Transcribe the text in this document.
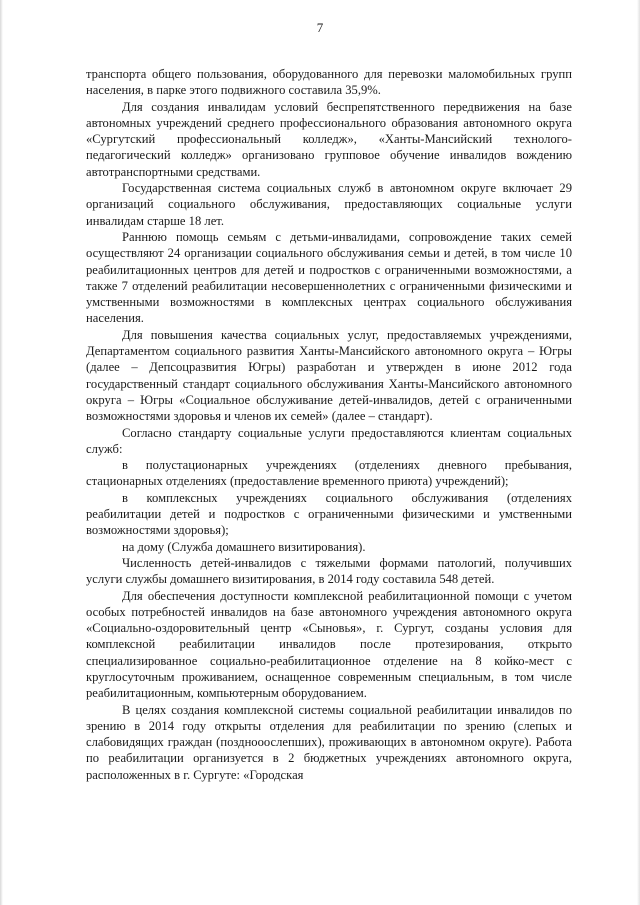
7

транспорта общего пользования, оборудованного для перевозки маломобильных групп населения, в парке этого подвижного составила 35,9%.

Для создания инвалидам условий беспрепятственного передвижения на базе автономных учреждений среднего профессионального образования автономного округа «Сургутский профессиональный колледж», «Ханты-Мансийский технолого-педагогический колледж» организовано групповое обучение инвалидов вождению автотранспортными средствами.

Государственная система социальных служб в автономном округе включает 29 организаций социального обслуживания, предоставляющих социальные услуги инвалидам старше 18 лет.

Раннюю помощь семьям с детьми-инвалидами, сопровождение таких семей осуществляют 24 организации социального обслуживания семьи и детей, в том числе 10 реабилитационных центров для детей и подростков с ограниченными возможностями, а также 7 отделений реабилитации несовершеннолетних с ограниченными физическими и умственными возможностями в комплексных центрах социального обслуживания населения.

Для повышения качества социальных услуг, предоставляемых учреждениями, Департаментом социального развития Ханты-Мансийского автономного округа – Югры (далее – Депсоцразвития Югры) разработан и утвержден в июне 2012 года государственный стандарт социального обслуживания Ханты-Мансийского автономного округа – Югры «Социальное обслуживание детей-инвалидов, детей с ограниченными возможностями здоровья и членов их семей» (далее – стандарт).

Согласно стандарту социальные услуги предоставляются клиентам социальных служб:

в полустационарных учреждениях (отделениях дневного пребывания, стационарных отделениях (предоставление временного приюта) учреждений);

в комплексных учреждениях социального обслуживания (отделениях реабилитации детей и подростков с ограниченными физическими и умственными возможностями здоровья);

на дому (Служба домашнего визитирования).

Численность детей-инвалидов с тяжелыми формами патологий, получивших услуги службы домашнего визитирования, в 2014 году составила 548 детей.

Для обеспечения доступности комплексной реабилитационной помощи с учетом особых потребностей инвалидов на базе автономного учреждения автономного округа «Социально-оздоровительный центр «Сыновья», г. Сургут, созданы условия для комплексной реабилитации инвалидов после протезирования, открыто специализированное социально-реабилитационное отделение на 8 койко-мест с круглосуточным проживанием, оснащенное современным специальным, в том числе реабилитационным, компьютерным оборудованием.

В целях создания комплексной системы социальной реабилитации инвалидов по зрению в 2014 году открыты отделения для реабилитации по зрению (слепых и слабовидящих граждан (позднооослепших), проживающих в автономном округе). Работа по реабилитации организуется в 2 бюджетных учреждениях автономного округа, расположенных в г. Сургуте: «Городская
